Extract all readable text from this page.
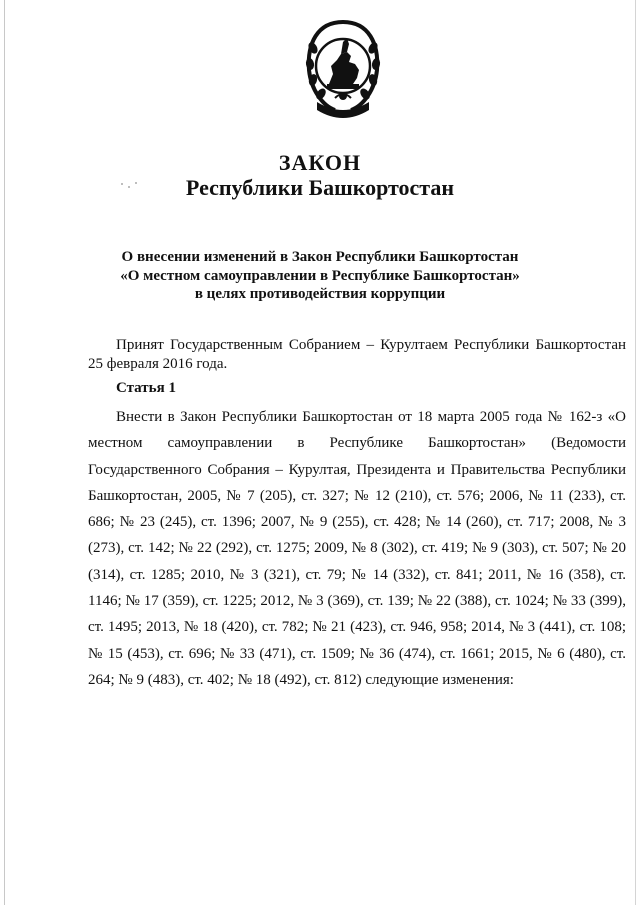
ЗАКОН
Республики Башкортостан
О внесении изменений в Закон Республики Башкортостан
«О местном самоуправлении в Республике Башкортостан»
в целях противодействия коррупции

Принят Государственным Собранием – Курултаем Республики Башкортостан 25 февраля 2016 года.

Статья 1

Внести в Закон Республики Башкортостан от 18 марта 2005 года № 162-з «О местном самоуправлении в Республике Башкортостан» (Ведомости Государственного Собрания – Курултая, Президента и Правительства Республики Башкортостан, 2005, № 7 (205), ст. 327; № 12 (210), ст. 576; 2006, № 11 (233), ст. 686; № 23 (245), ст. 1396; 2007, № 9 (255), ст. 428; № 14 (260), ст. 717; 2008, № 3 (273), ст. 142; № 22 (292), ст. 1275; 2009, № 8 (302), ст. 419; № 9 (303), ст. 507; № 20 (314), ст. 1285; 2010, № 3 (321), ст. 79; № 14 (332), ст. 841; 2011, № 16 (358), ст. 1146; № 17 (359), ст. 1225; 2012, № 3 (369), ст. 139; № 22 (388), ст. 1024; № 33 (399), ст. 1495; 2013, № 18 (420), ст. 782; № 21 (423), ст. 946, 958; 2014, № 3 (441), ст. 108; № 15 (453), ст. 696; № 33 (471), ст. 1509; № 36 (474), ст. 1661; 2015, № 6 (480), ст. 264; № 9 (483), ст. 402; № 18 (492), ст. 812) следующие изменения:
